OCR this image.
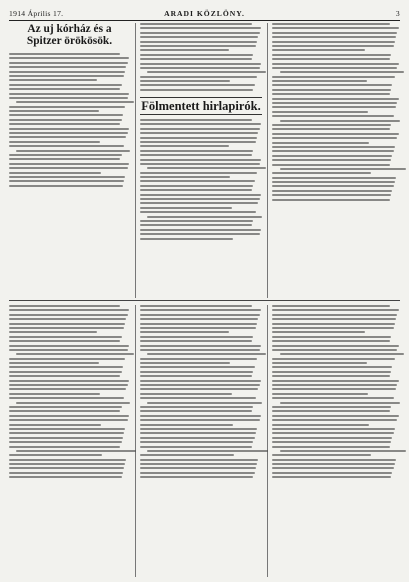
1914 Április 17.	ARADI KÖZLÖNY.	3
Az uj kórház és a Spitzer örökösök.
Fölmentett hirlapirók.
